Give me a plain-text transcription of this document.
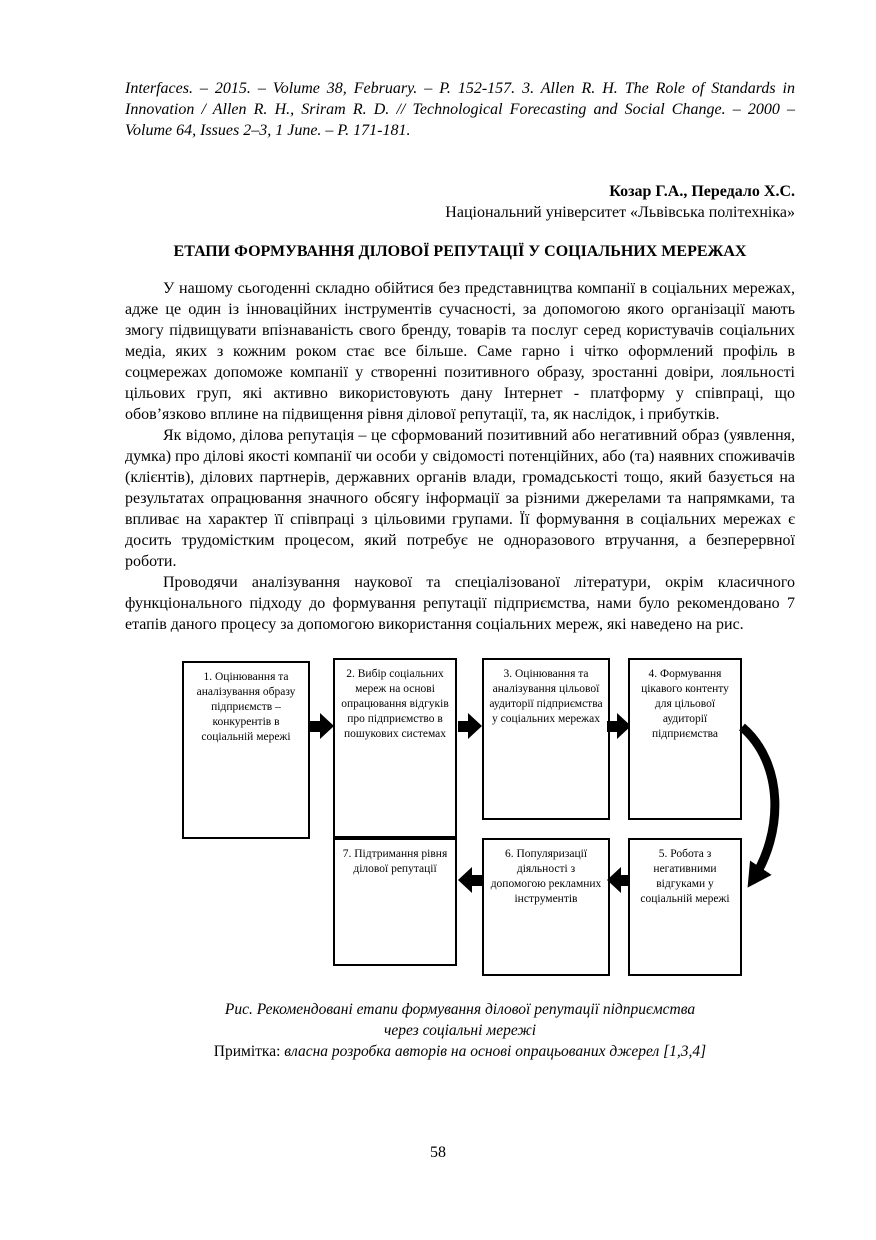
Interfaces. – 2015. – Volume 38, February. – P. 152-157. 3. Allen R. H. The Role of Standards in Innovation / Allen R. H., Sriram R. D. // Technological Forecasting and Social Change. – 2000 – Volume 64, Issues 2–3, 1 June. – P. 171-181.

Козар Г.А., Передало Х.С.
Національний університет «Львівська політехніка»
ЕТАПИ ФОРМУВАННЯ ДІЛОВОЇ РЕПУТАЦІЇ У СОЦІАЛЬНИХ МЕРЕЖАХ

У нашому сьогоденні складно обійтися без представництва компанії в соціальних мережах, адже це один із інноваційних інструментів сучасності, за допомогою якого організації мають змогу підвищувати впізнаваність свого бренду, товарів та послуг серед користувачів соціальних медіа, яких з кожним роком стає все більше. Саме гарно і чітко оформлений профіль в соцмережах допоможе компанії у створенні позитивного образу, зростанні довіри, лояльності цільових груп, які активно використовують дану Інтернет - платформу у співпраці, що обов’язково вплине на підвищення рівня ділової репутації, та, як наслідок, і прибутків.

Як відомо, ділова репутація – це сформований позитивний або негативний образ (уявлення, думка) про ділові якості компанії чи особи у свідомості потенційних, або (та) наявних споживачів (клієнтів), ділових партнерів, державних органів влади, громадськості тощо, який базується на результатах опрацювання значного обсягу інформації за різними джерелами та напрямками, та впливає на характер її співпраці з цільовими групами. Її формування в соціальних мережах є досить трудомістким процесом, який потребує не одноразового втручання, а безперервної роботи.

Проводячи аналізування наукової та спеціалізованої літератури, окрім класичного функціонального підходу до формування репутації підприємства, нами було рекомендовано 7 етапів даного процесу за допомогою використання соціальних мереж, які наведено на рис.

1. Оцінювання та аналізування образу підприємств – конкурентів в соціальній мережі
2. Вибір соціальних мереж на основі опрацювання відгуків про підприємство в пошукових системах
3. Оцінювання та аналізування цільової аудиторії підприємства у соціальних мережах
4. Формування цікавого контенту для цільової аудиторії підприємства
7. Підтримання рівня ділової репутації
6. Популяризації діяльності з допомогою рекламних інструментів
5. Робота з негативними відгуками у соціальній мережі
Рис. Рекомендовані етапи формування ділової репутації підприємства
через соціальні мережі
Примітка: власна розробка авторів на основі опрацьованих джерел [1,3,4]
58
